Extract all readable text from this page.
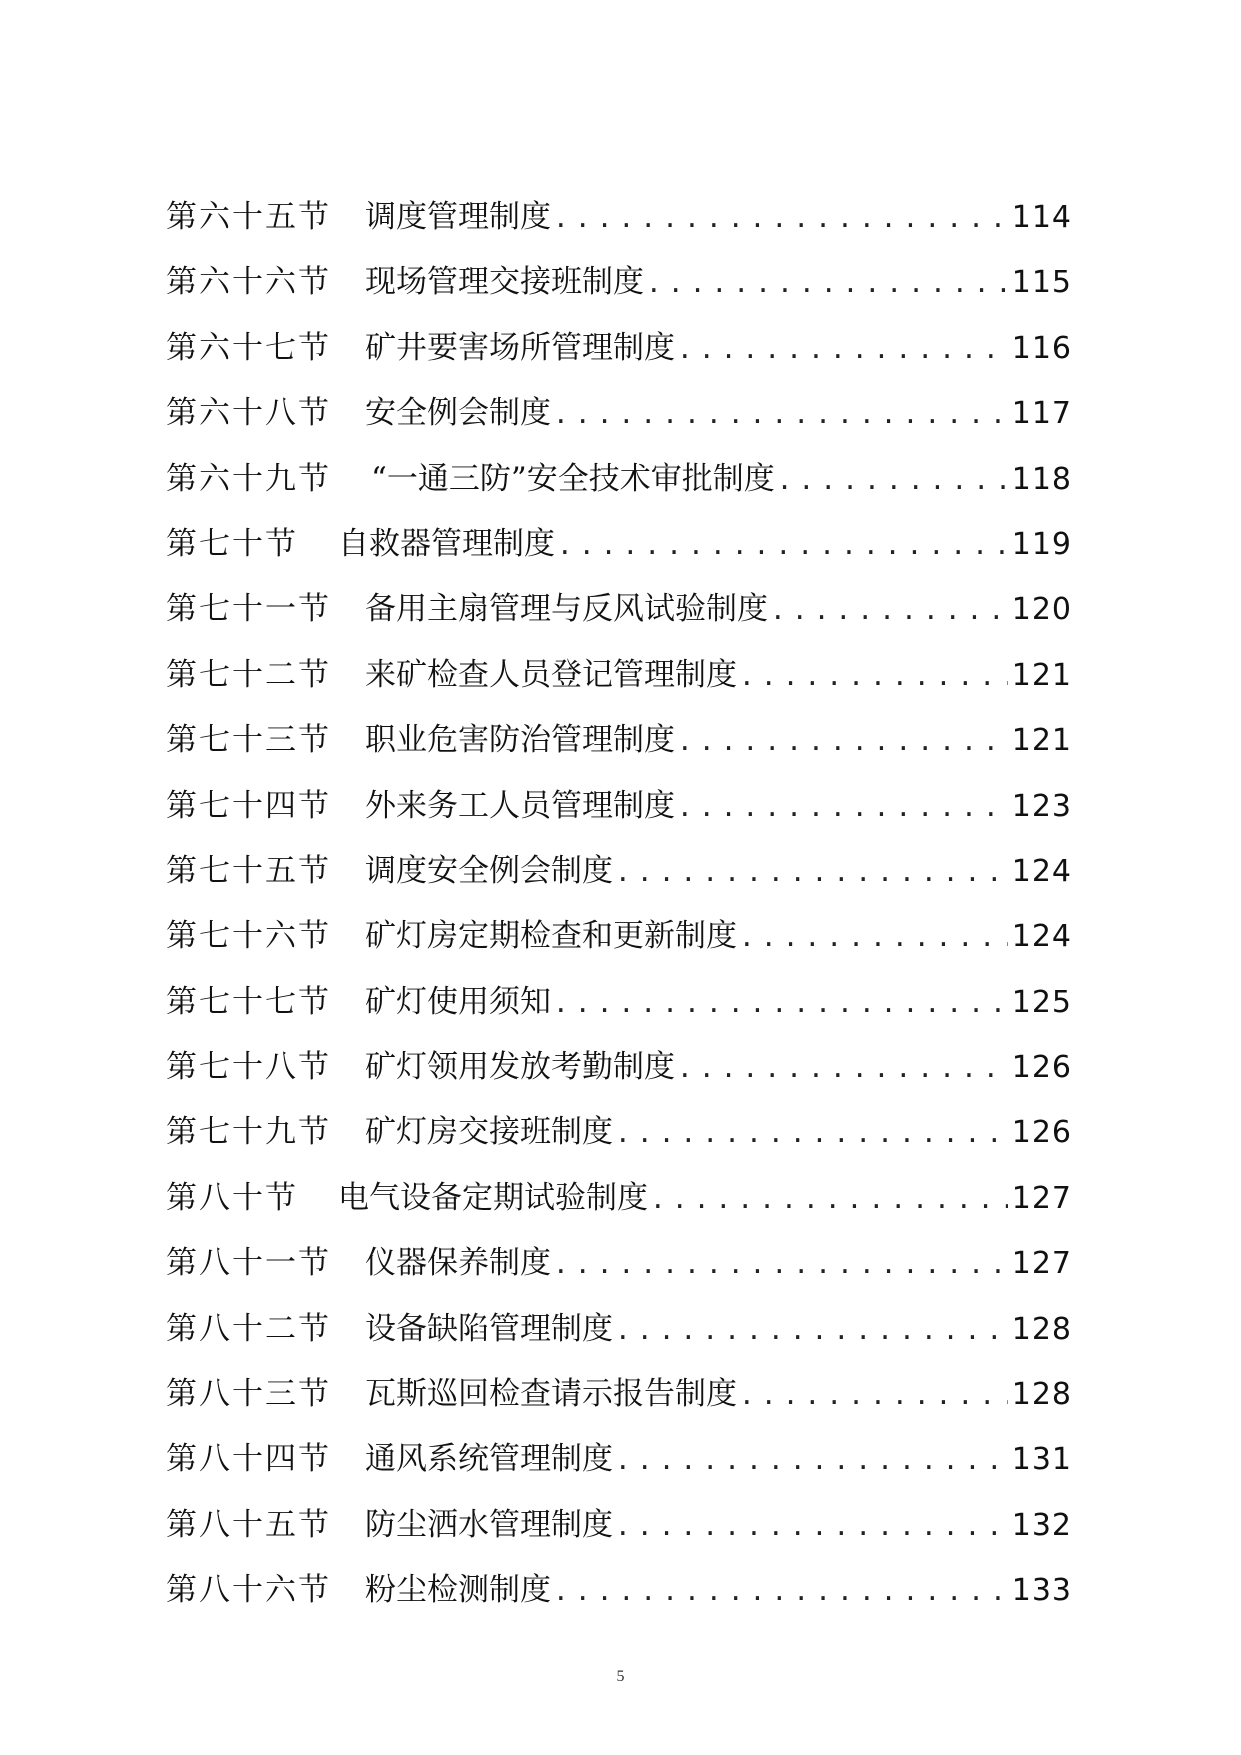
第六十五节	调度管理制度 .....	114
第六十六节	现场管理交接班制度 .....	115
第六十七节	矿井要害场所管理制度 .....	116
第六十八节	安全例会制度 .....	117
第六十九节	“一通三防”安全技术审批制度 .....	118
第七十节	自救器管理制度 .....	119
第七十一节	备用主扇管理与反风试验制度 .....	120
第七十二节	来矿检查人员登记管理制度 .....	121
第七十三节	职业危害防治管理制度 .....	121
第七十四节	外来务工人员管理制度 .....	123
第七十五节	调度安全例会制度 .....	124
第七十六节	矿灯房定期检查和更新制度 .....	124
第七十七节	矿灯使用须知 .....	125
第七十八节	矿灯领用发放考勤制度 .....	126
第七十九节	矿灯房交接班制度 .....	126
第八十节	电气设备定期试验制度 .....	127
第八十一节	仪器保养制度 .....	127
第八十二节	设备缺陷管理制度 .....	128
第八十三节	瓦斯巡回检查请示报告制度 .....	128
第八十四节	通风系统管理制度 .....	131
第八十五节	防尘洒水管理制度 .....	132
第八十六节	粉尘检测制度 .....	133
5
